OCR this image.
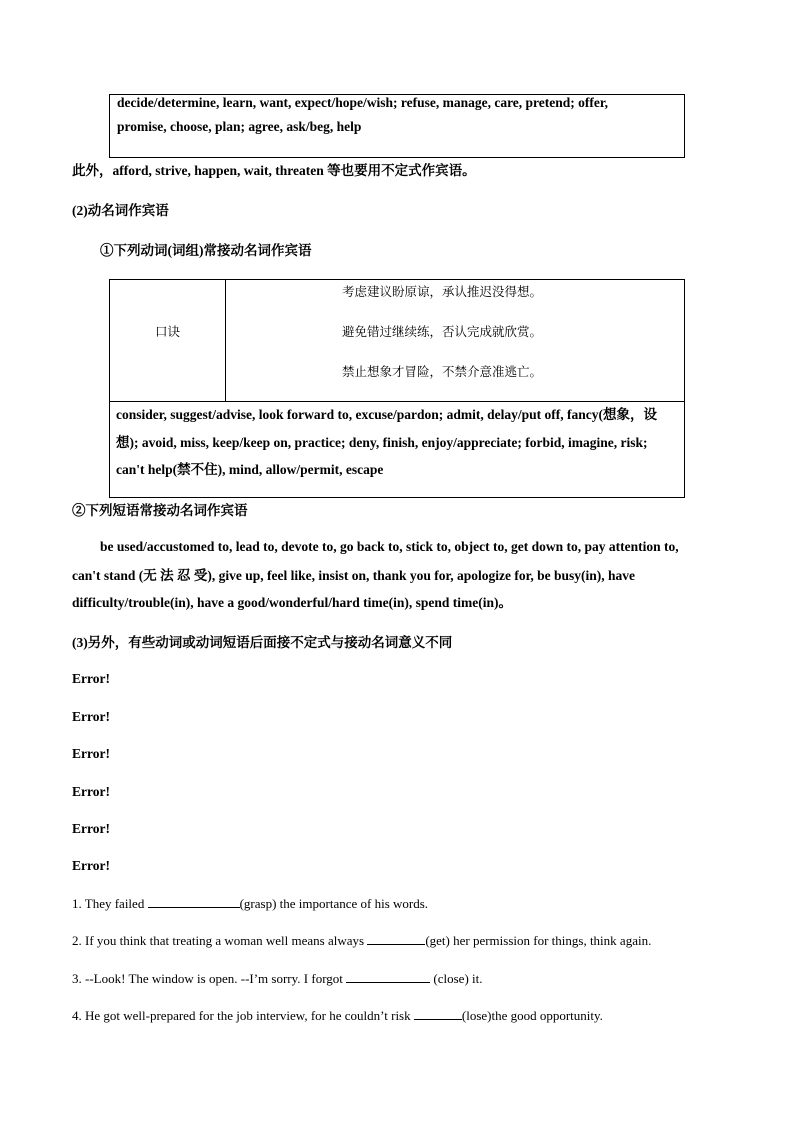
decide/determine, learn, want, expect/hope/wish; refuse, manage, care, pretend; offer,
promise, choose, plan; agree, ask/beg, help
此外，afford, strive, happen, wait, threaten 等也要用不定式作宾语。
(2)动名词作宾语
①下列动词(词组)常接动名词作宾语
口诀
考虑建议盼原谅，承认推迟没得想。
避免错过继续练，否认完成就欣赏。
禁止想象才冒险，不禁介意准逃亡。
consider, suggest/advise, look forward to, excuse/pardon; admit, delay/put off, fancy(想象，设
想); avoid, miss, keep/keep on, practice; deny, finish, enjoy/appreciate; forbid, imagine, risk;
can't help(禁不住), mind, allow/permit, escape
②下列短语常接动名词作宾语
be used/accustomed to, lead to, devote to, go back to, stick to, object to, get down to, pay attention to,
can't stand (无 法 忍 受), give up, feel like, insist on, thank you for, apologize for, be busy(in), have
difficulty/trouble(in), have a good/wonderful/hard time(in), spend time(in)。
(3)另外，有些动词或动词短语后面接不定式与接动名词意义不同
Error!
Error!
Error!
Error!
Error!
Error!
1. They failed	(grasp) the importance of his words.
2. If you think that treating a woman well means always	(get) her permission for things, think again.
3. --Look! The window is open. --I’m sorry. I forgot	(close) it.
4. He got well-prepared for the job interview, for he couldn’t risk	(lose)the good opportunity.
